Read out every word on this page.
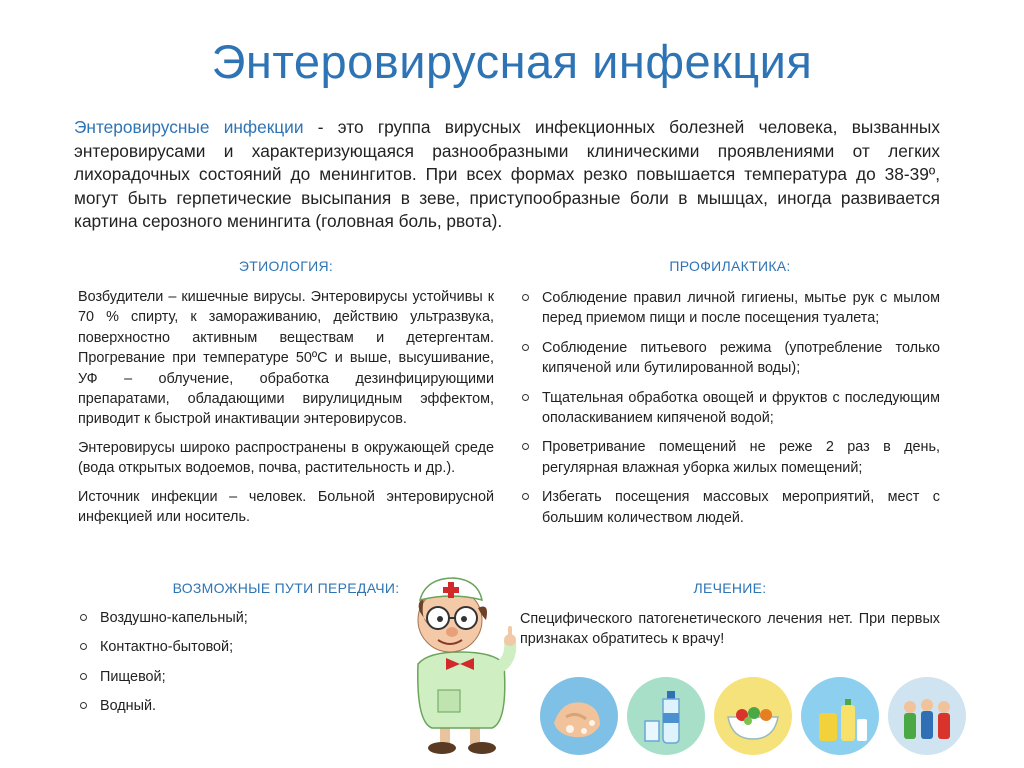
Энтеровирусная инфекция
Энтеровирусные инфекции - это группа вирусных инфекционных болезней человека, вызванных энтеровирусами и характеризующаяся разнообразными клиническими проявлениями от легких лихорадочных состояний до менингитов. При всех формах резко повышается температура до 38-39º, могут быть герпетические высыпания в зеве, приступообразные боли в мышцах, иногда развивается картина серозного менингита (головная боль, рвота).
ЭТИОЛОГИЯ:

Возбудители – кишечные вирусы. Энтеровирусы устойчивы к 70 % спирту, к замораживанию, действию ультразвука, поверхностно активным веществам и детергентам. Прогревание при температуре 50ºС и выше, высушивание, УФ – облучение, обработка дезинфицирующими препаратами, обладающими вирулицидным эффектом, приводит к быстрой инактивации энтеровирусов.

Энтеровирусы широко распространены в окружающей среде (вода открытых водоемов, почва, растительность и др.).

Источник инфекции – человек. Больной энтеровирусной инфекцией или носитель.

ПРОФИЛАКТИКА:
Соблюдение правил личной гигиены, мытье рук с мылом перед приемом пищи и после посещения туалета;
Соблюдение питьевого режима (употребление только кипяченой или бутилированной воды);
Тщательная обработка овощей и фруктов с последующим ополаскиванием кипяченой водой;
Проветривание помещений не реже 2 раз в день, регулярная влажная уборка жилых помещений;
Избегать посещения массовых мероприятий, мест с большим количеством людей.
ВОЗМОЖНЫЕ ПУТИ ПЕРЕДАЧИ:
Воздушно-капельный;
Контактно-бытовой;
Пищевой;
Водный.
ЛЕЧЕНИЕ:
Специфического патогенетического лечения нет. При первых признаках обратитесь к врачу!
